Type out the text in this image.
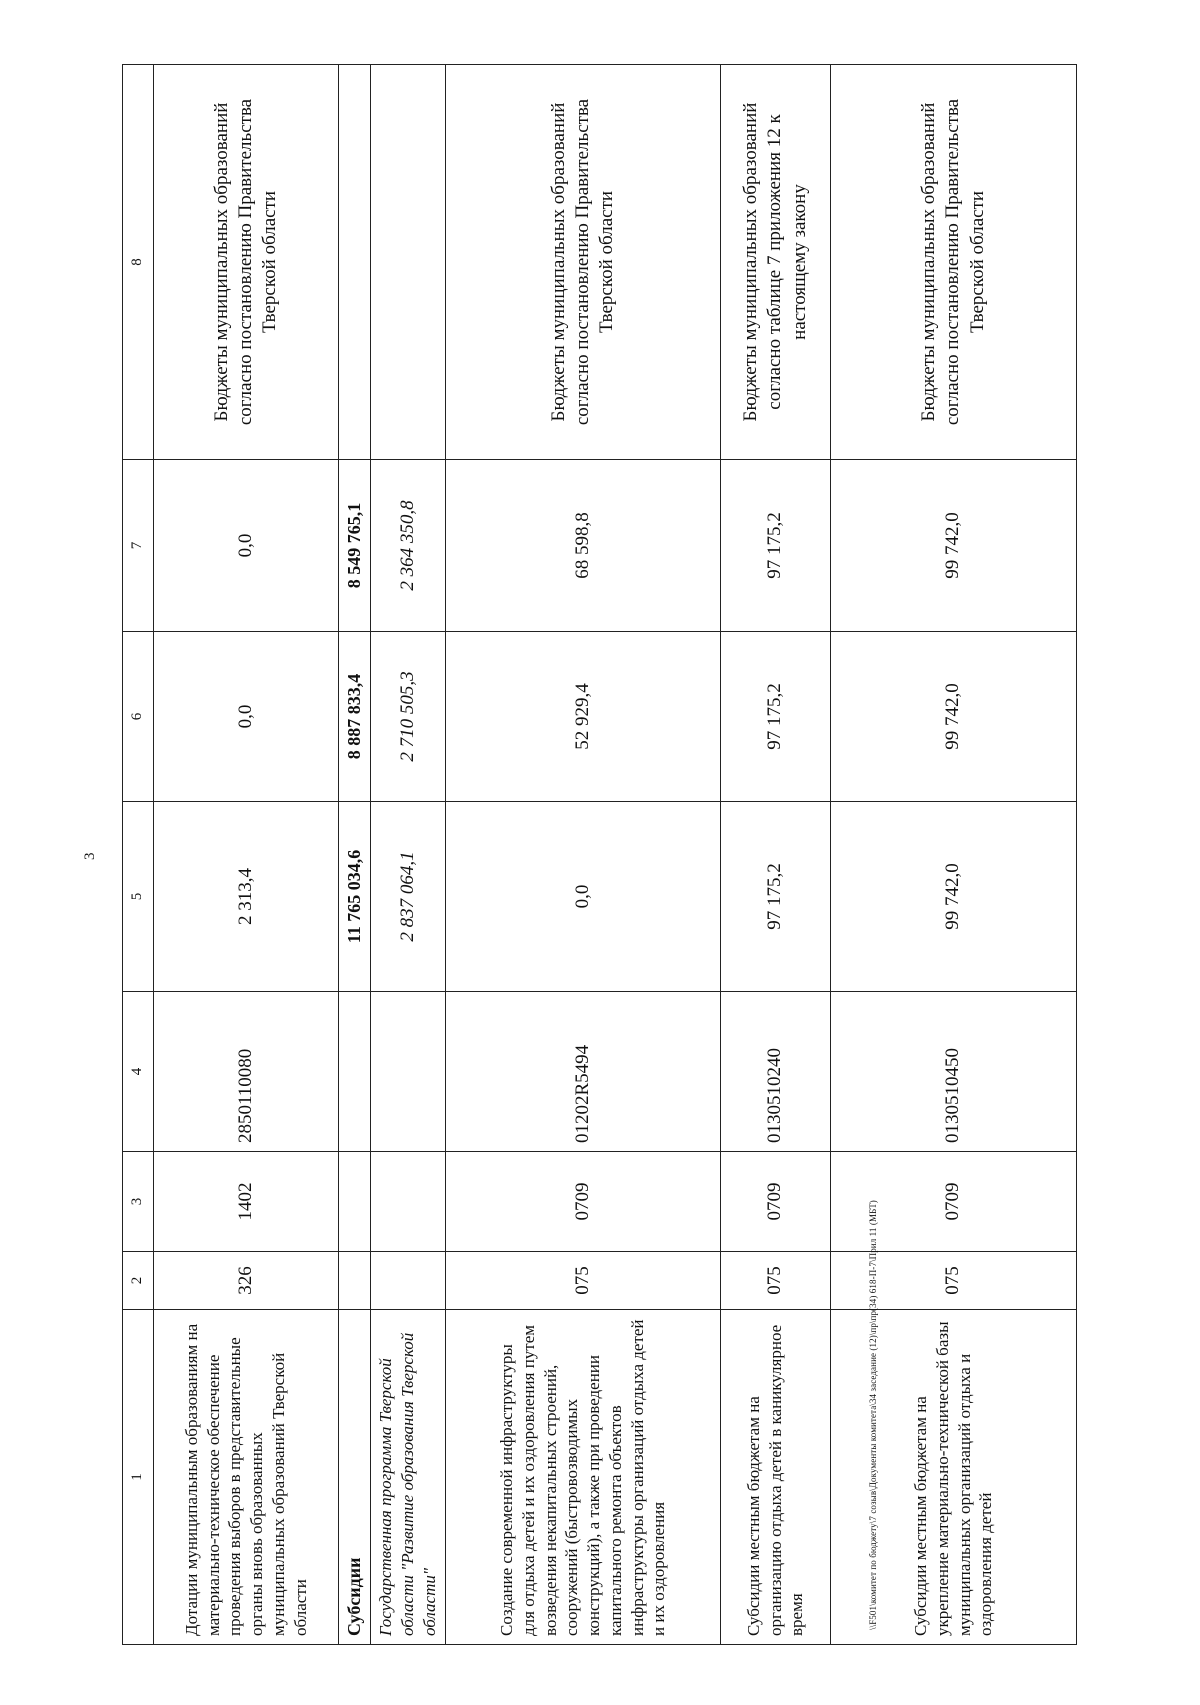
3
1	2	3	4	5	6	7	8
Дотации муниципальным образованиям на материально-техническое обеспечение проведения выборов в представительные органы вновь образованных муниципальных образований Тверской области	326	1402	2850110080	2 313,4	0,0	0,0	Бюджеты муниципальных образований согласно постановлению Правительства Тверской области
Субсидии				11 765 034,6	8 887 833,4	8 549 765,1	
Государственная программа Тверской области "Развитие образования Тверской области"				2 837 064,1	2 710 505,3	2 364 350,8	
Создание современной инфраструктуры для отдыха детей и их оздоровления путем возведения некапитальных строений, сооружений (быстровозводимых конструкций), а также при проведении капитального ремонта объектов инфраструктуры организаций отдыха детей и их оздоровления	075	0709	01202R5494	0,0	52 929,4	68 598,8	Бюджеты муниципальных образований согласно постановлению Правительства Тверской области
Субсидии местным бюджетам на организацию отдыха детей в каникулярное время	075	0709	0130510240	97 175,2	97 175,2	97 175,2	Бюджеты муниципальных образований согласно таблице 7 приложения 12 к настоящему закону
Субсидии местным бюджетам на укрепление материально-технической базы муниципальных организаций отдыха и оздоровления детей	075	0709	0130510450	99 742,0	99 742,0	99 742,0	Бюджеты муниципальных образований согласно постановлению Правительства Тверской области
\\F501\комитет по бюджету\7 созыв\Документы комитета\34 заседание (12)\пр\пр(34) 618-П-7\Прил 11 (МБТ)
